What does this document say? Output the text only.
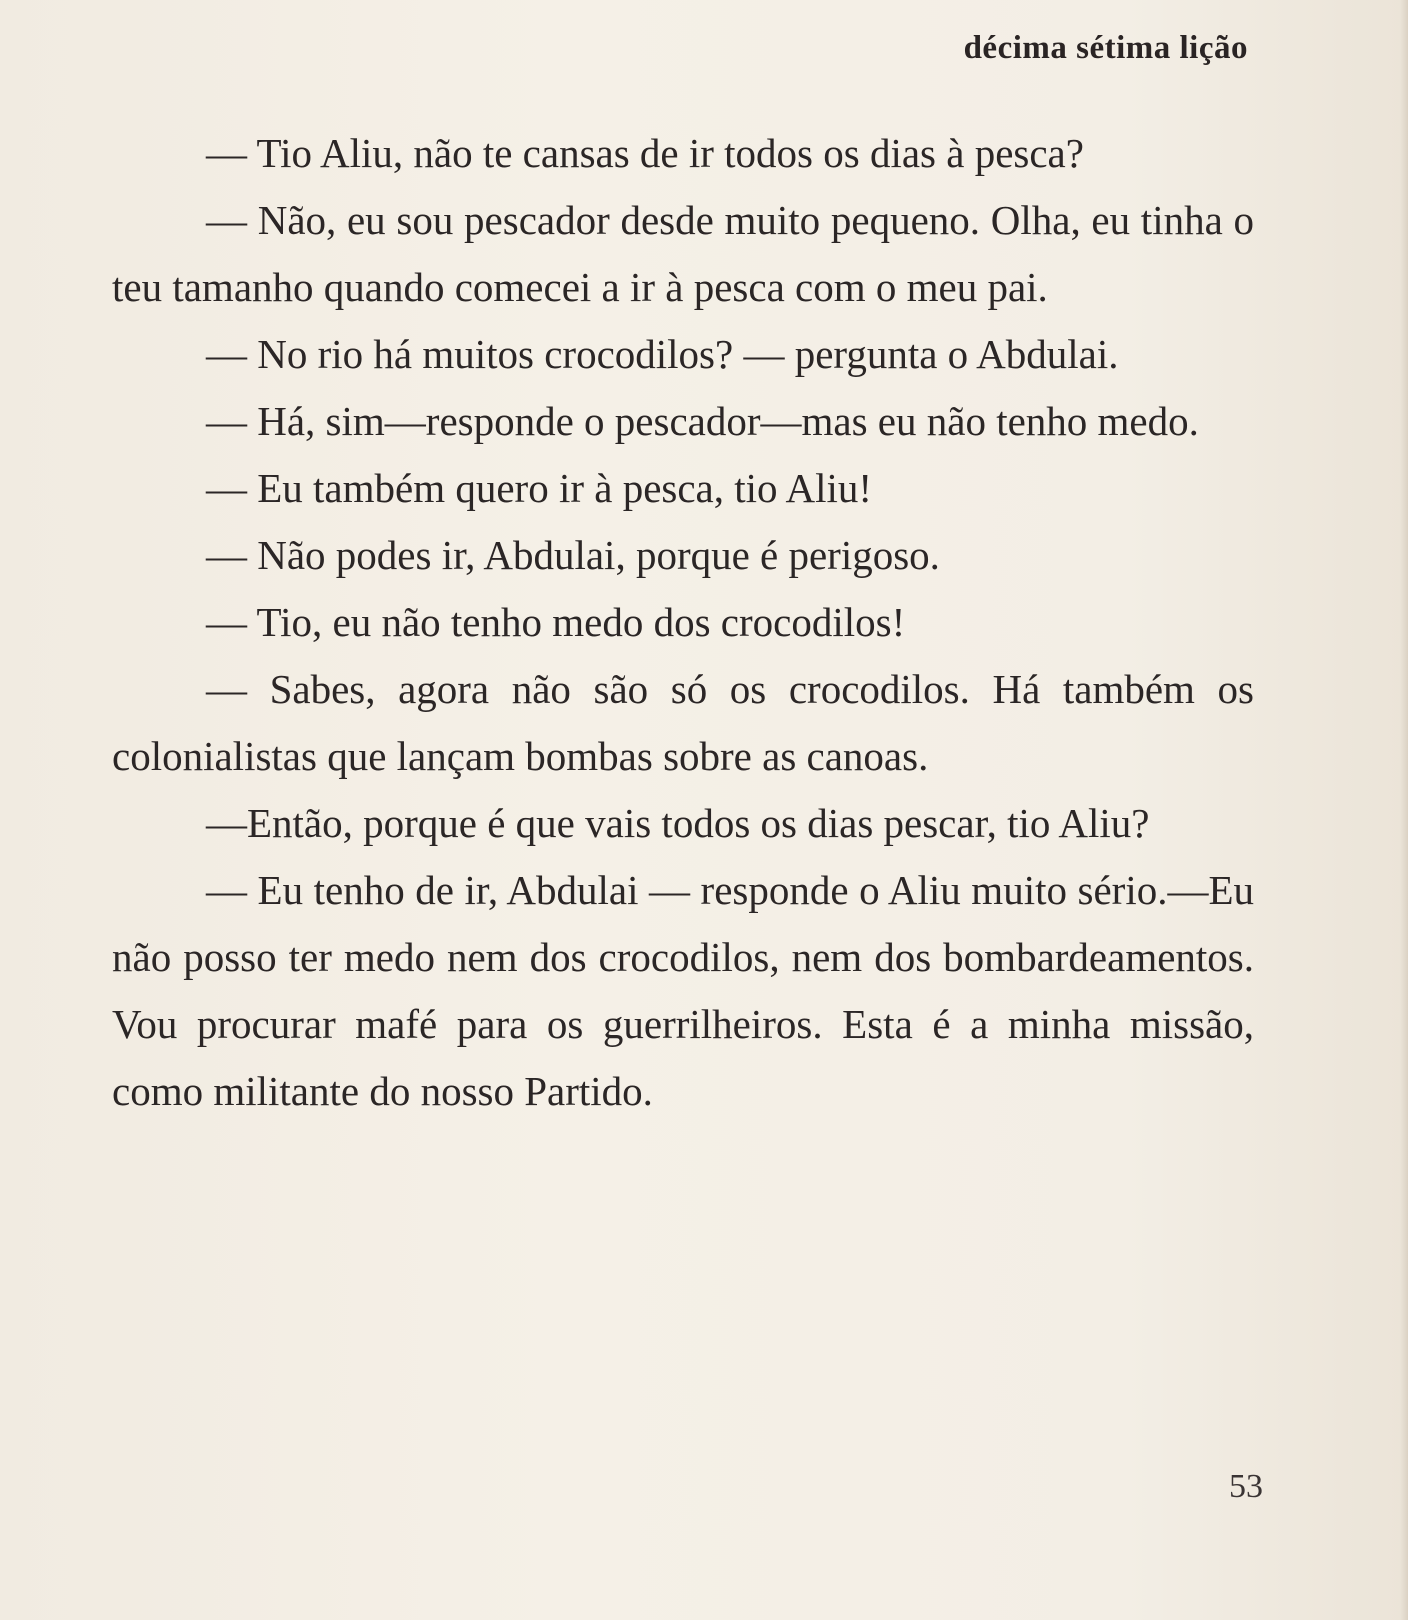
décima sétima lição

— Tio Aliu, não te cansas de ir todos os dias à pesca?

— Não, eu sou pescador desde muito pequeno. Olha, eu tinha o teu tamanho quando comecei a ir à pesca com o meu pai.

— No rio há muitos crocodilos? — pergunta o Abdulai.

— Há, sim—responde o pescador—mas eu não tenho medo.

— Eu também quero ir à pesca, tio Aliu!

— Não podes ir, Abdulai, porque é perigoso.

— Tio, eu não tenho medo dos crocodilos!

— Sabes, agora não são só os crocodilos. Há também os colonialistas que lançam bombas sobre as canoas.

—Então, porque é que vais todos os dias pescar, tio Aliu?

— Eu tenho de ir, Abdulai — responde o Aliu muito sério.—Eu não posso ter medo nem dos crocodilos, nem dos bombardeamentos. Vou procurar mafé para os guerrilheiros. Esta é a minha missão, como militante do nosso Partido.

53
